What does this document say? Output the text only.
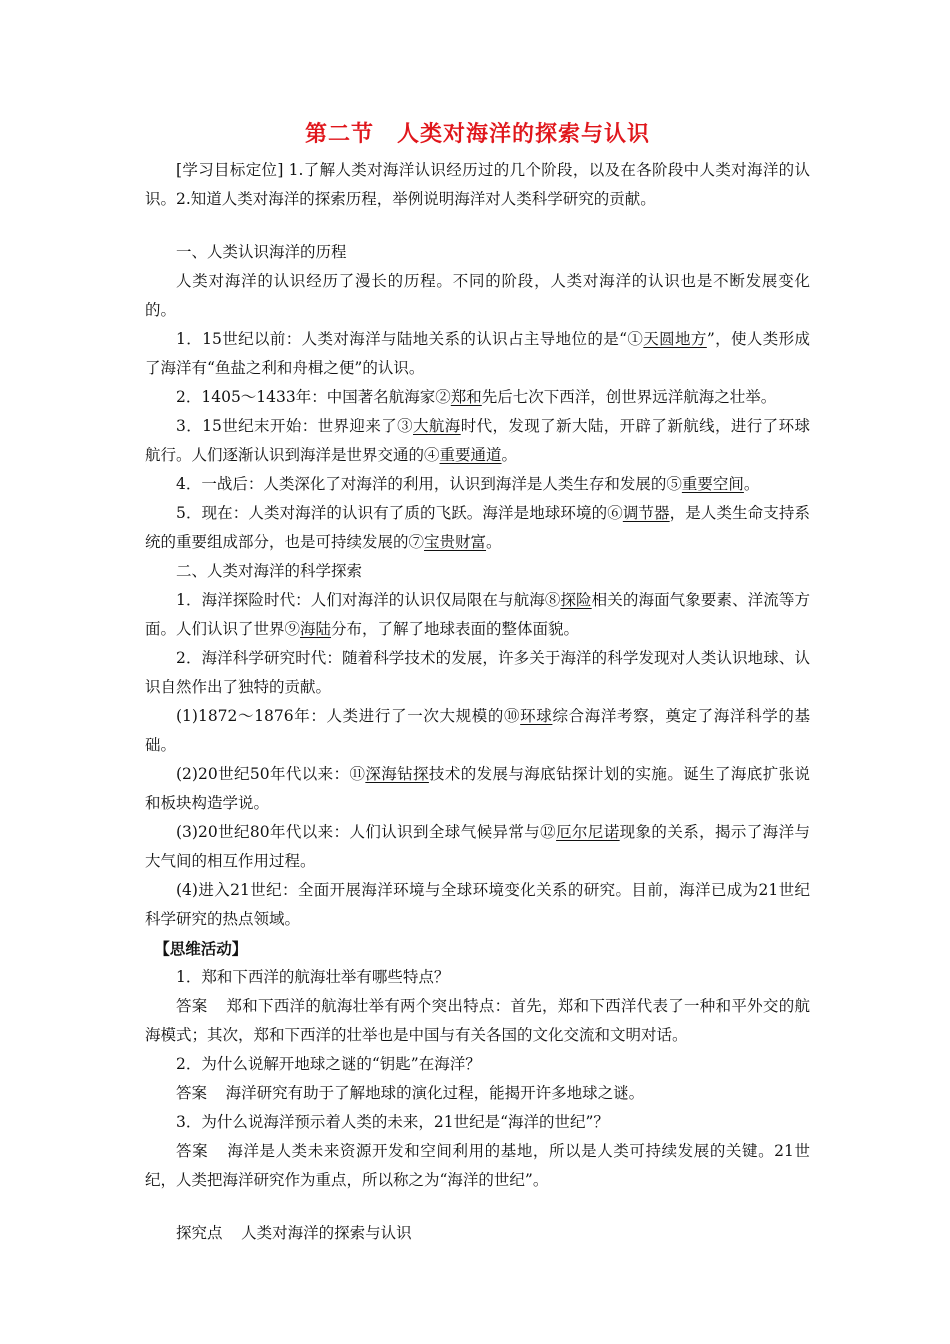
第二节　人类对海洋的探索与认识

[学习目标定位] 1.了解人类对海洋认识经历过的几个阶段，以及在各阶段中人类对海洋的认识。2.知道人类对海洋的探索历程，举例说明海洋对人类科学研究的贡献。

一、人类认识海洋的历程

人类对海洋的认识经历了漫长的历程。不同的阶段，人类对海洋的认识也是不断发展变化的。

1．15世纪以前：人类对海洋与陆地关系的认识占主导地位的是“①天圆地方”，使人类形成了海洋有“鱼盐之利和舟楫之便”的认识。

2．1405～1433年：中国著名航海家②郑和先后七次下西洋，创世界远洋航海之壮举。

3．15世纪末开始：世界迎来了③大航海时代，发现了新大陆，开辟了新航线，进行了环球航行。人们逐渐认识到海洋是世界交通的④重要通道。

4．一战后：人类深化了对海洋的利用，认识到海洋是人类生存和发展的⑤重要空间。

5．现在：人类对海洋的认识有了质的飞跃。海洋是地球环境的⑥调节器，是人类生命支持系统的重要组成部分，也是可持续发展的⑦宝贵财富。

二、人类对海洋的科学探索

1．海洋探险时代：人们对海洋的认识仅局限在与航海⑧探险相关的海面气象要素、洋流等方面。人们认识了世界⑨海陆分布，了解了地球表面的整体面貌。

2．海洋科学研究时代：随着科学技术的发展，许多关于海洋的科学发现对人类认识地球、认识自然作出了独特的贡献。

(1)1872～1876年：人类进行了一次大规模的⑩环球综合海洋考察，奠定了海洋科学的基础。

(2)20世纪50年代以来：⑪深海钻探技术的发展与海底钻探计划的实施。诞生了海底扩张说和板块构造学说。

(3)20世纪80年代以来：人们认识到全球气候异常与⑫厄尔尼诺现象的关系，揭示了海洋与大气间的相互作用过程。

(4)进入21世纪：全面开展海洋环境与全球环境变化关系的研究。目前，海洋已成为21世纪科学研究的热点领域。

【思维活动】

1．郑和下西洋的航海壮举有哪些特点？

答案 郑和下西洋的航海壮举有两个突出特点：首先，郑和下西洋代表了一种和平外交的航海模式；其次，郑和下西洋的壮举也是中国与有关各国的文化交流和文明对话。

2．为什么说解开地球之谜的“钥匙”在海洋？

答案 海洋研究有助于了解地球的演化过程，能揭开许多地球之谜。

3．为什么说海洋预示着人类的未来，21世纪是“海洋的世纪”？

答案 海洋是人类未来资源开发和空间利用的基地，所以是人类可持续发展的关键。21世纪，人类把海洋研究作为重点，所以称之为“海洋的世纪”。

探究点 人类对海洋的探索与认识
